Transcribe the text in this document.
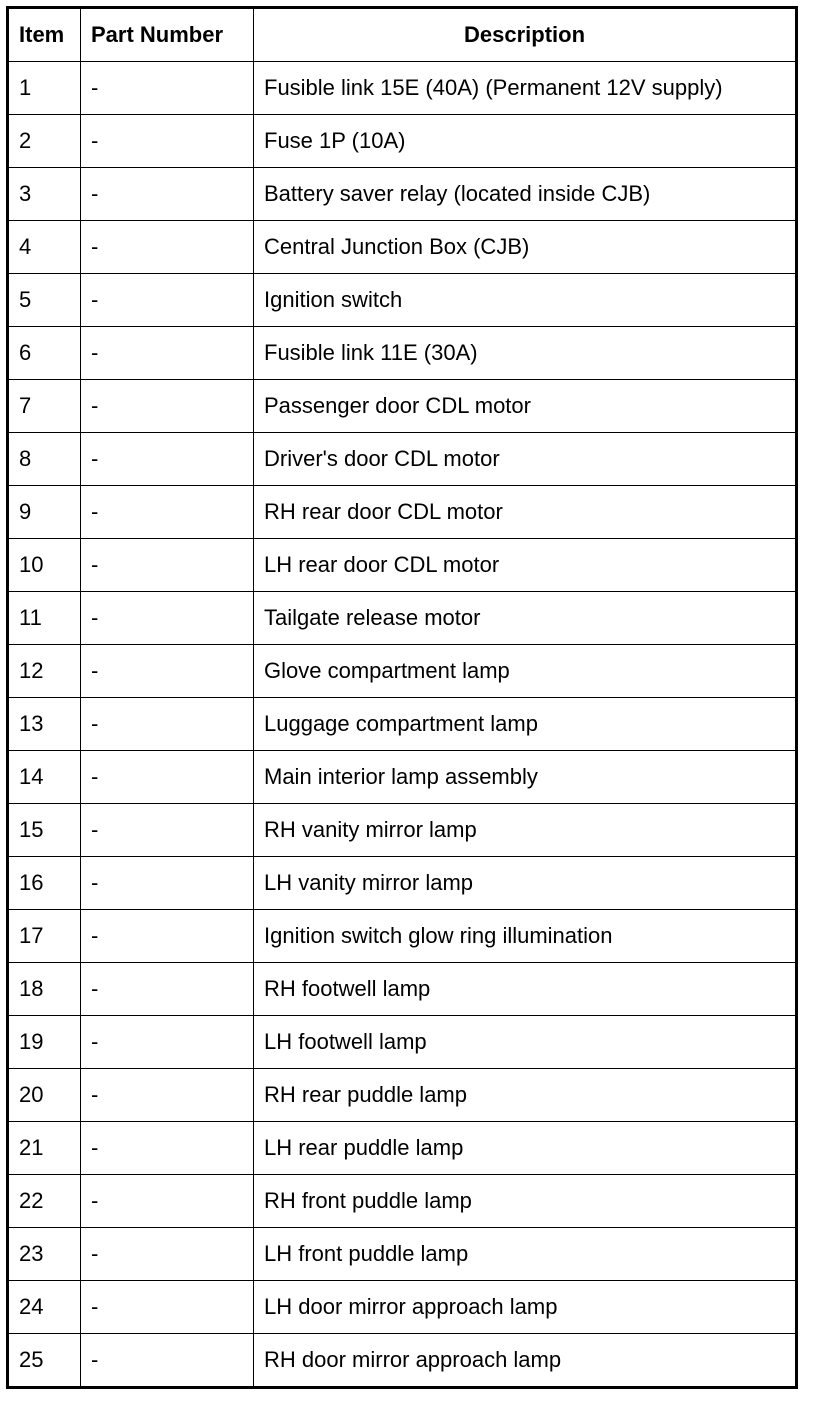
Item	Part Number	Description
1	-	Fusible link 15E (40A) (Permanent 12V supply)
2	-	Fuse 1P (10A)
3	-	Battery saver relay (located inside CJB)
4	-	Central Junction Box (CJB)
5	-	Ignition switch
6	-	Fusible link 11E (30A)
7	-	Passenger door CDL motor
8	-	Driver's door CDL motor
9	-	RH rear door CDL motor
10	-	LH rear door CDL motor
11	-	Tailgate release motor
12	-	Glove compartment lamp
13	-	Luggage compartment lamp
14	-	Main interior lamp assembly
15	-	RH vanity mirror lamp
16	-	LH vanity mirror lamp
17	-	Ignition switch glow ring illumination
18	-	RH footwell lamp
19	-	LH footwell lamp
20	-	RH rear puddle lamp
21	-	LH rear puddle lamp
22	-	RH front puddle lamp
23	-	LH front puddle lamp
24	-	LH door mirror approach lamp
25	-	RH door mirror approach lamp
